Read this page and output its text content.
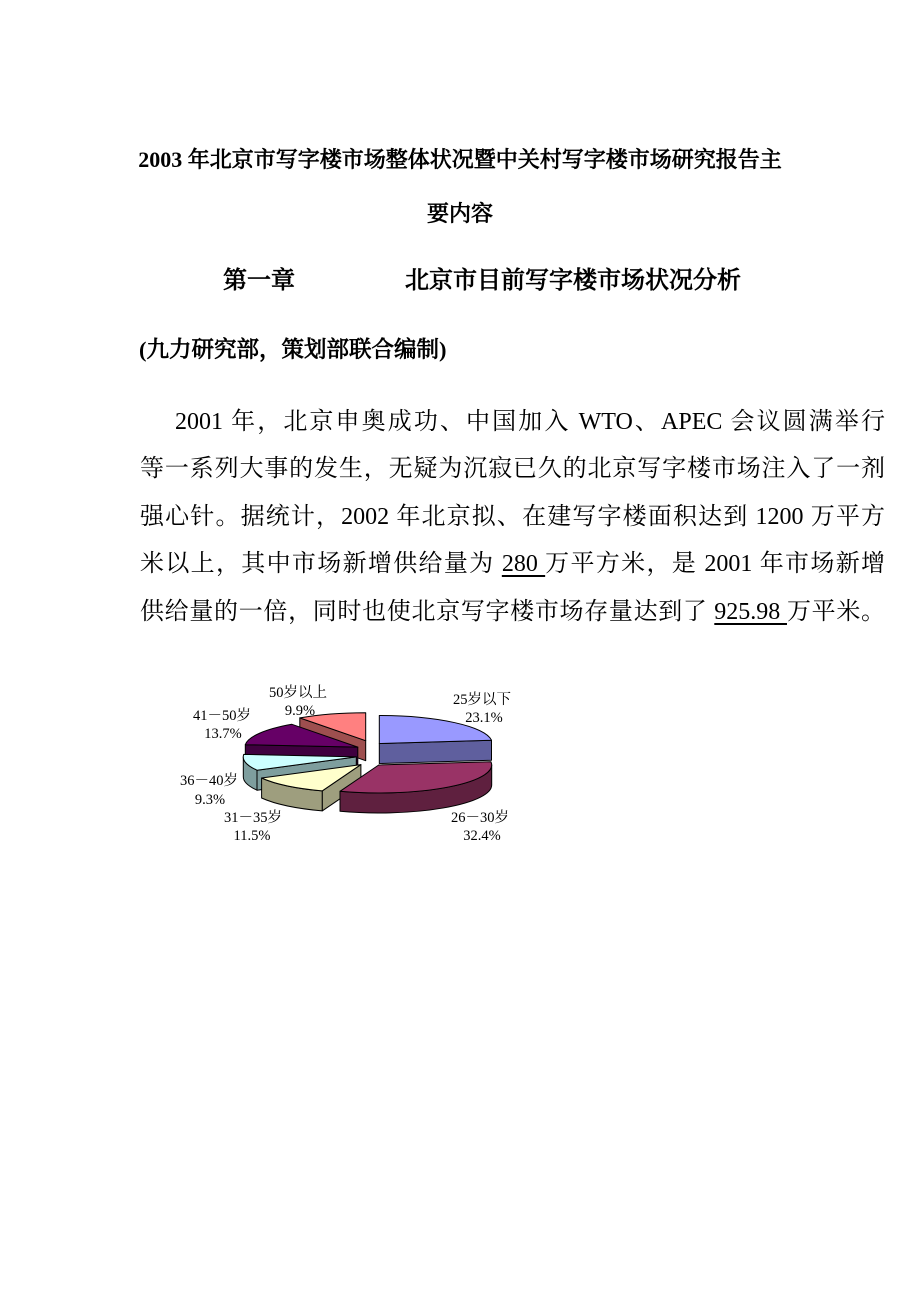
2003 年北京市写字楼市场整体状况暨中关村写字楼市场研究报告主
要内容
第一章	北京市目前写字楼市场状况分析
(九力研究部，策划部联合编制)
2001 年，北京申奥成功、中国加入 WTO、APEC 会议圆满举行
等一系列大事的发生，无疑为沉寂已久的北京写字楼市场注入了一剂
强心针。据统计，2002 年北京拟、在建写字楼面积达到 1200 万平方
米以上，其中市场新增供给量为 280 万平方米，是 2001 年市场新增
供给量的一倍，同时也使北京写字楼市场存量达到了 925.98 万平米。
25岁以下
23.1%
26－30岁
32.4%
31－35岁
11.5%
36－40岁
9.3%
41－50岁
13.7%
50岁以上
9.9%
